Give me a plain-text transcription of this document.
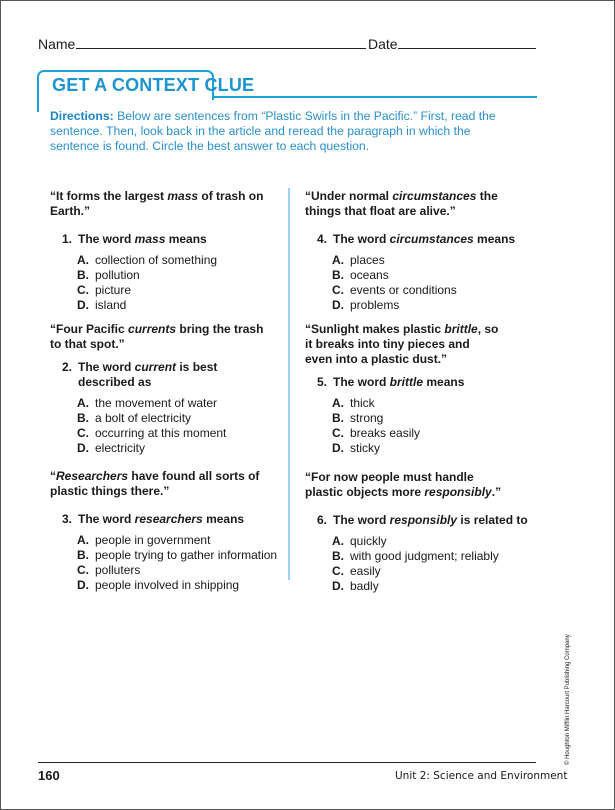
Name	Date
GET A CONTEXT CLUE
Directions: Below are sentences from “Plastic Swirls in the Pacific.” First, read the sentence. Then, look back in the article and reread the paragraph in which the sentence is found. Circle the best answer to each question.
“It forms the largest mass of trash on Earth.”
1. The word mass means
A. collection of something
B. pollution
C. picture
D. island
“Four Pacific currents bring the trash to that spot.”
2. The word current is best described as
A. the movement of water
B. a bolt of electricity
C. occurring at this moment
D. electricity
“Researchers have found all sorts of plastic things there.”
3. The word researchers means
A. people in government
B. people trying to gather information
C. polluters
D. people involved in shipping
“Under normal circumstances the things that float are alive.”
4. The word circumstances means
A. places
B. oceans
C. events or conditions
D. problems
“Sunlight makes plastic brittle, so it breaks into tiny pieces and even into a plastic dust.”
5. The word brittle means
A. thick
B. strong
C. breaks easily
D. sticky
“For now people must handle plastic objects more responsibly.”
6. The word responsibly is related to
A. quickly
B. with good judgment; reliably
C. easily
D. badly
160	Unit 2: Science and Environment
© Houghton Mifflin Harcourt Publishing Company
